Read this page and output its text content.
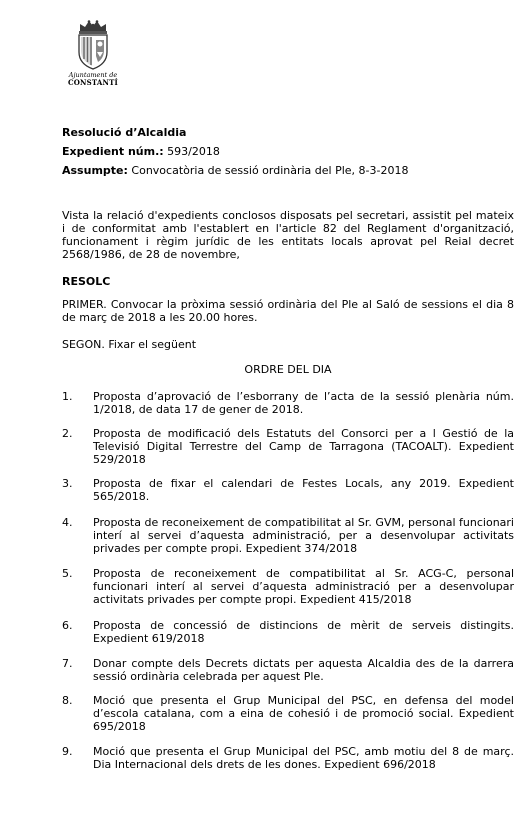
Ajuntament de
CONSTANTÍ
Resolució d’Alcaldia
Expedient núm.: 593/2018
Assumpte: Convocatòria de sessió ordinària del Ple, 8-3-2018
Vista la relació d'expedients conclosos disposats pel secretari, assistit pel mateix i de conformitat amb l'establert en l'article 82 del Reglament d'organització, funcionament i règim jurídic de les entitats locals aprovat pel Reial decret 2568/1986, de 28 de novembre,
RESOLC
PRIMER. Convocar la pròxima sessió ordinària del Ple al Saló de sessions el dia 8 de març de 2018 a les 20.00 hores.
SEGON. Fixar el següent
ORDRE DEL DIA
1.	Proposta d’aprovació de l’esborrany de l’acta de la sessió plenària núm. 1/2018, de data 17 de gener de 2018.
2.	Proposta de modificació dels Estatuts del Consorci per a l Gestió de la Televisió Digital Terrestre del Camp de Tarragona (TACOALT). Expedient 529/2018
3.	Proposta de fixar el calendari de Festes Locals, any 2019. Expedient 565/2018.
4.	Proposta de reconeixement de compatibilitat al Sr. GVM, personal funcionari interí al servei d’aquesta administració, per a desenvolupar activitats privades per compte propi. Expedient 374/2018
5.	Proposta de reconeixement de compatibilitat al Sr. ACG-C, personal funcionari interí al servei d’aquesta administració per a desenvolupar activitats privades per compte propi. Expedient 415/2018
6.	Proposta de concessió de distincions de mèrit de serveis distingits. Expedient 619/2018
7.	Donar compte dels Decrets dictats per aquesta Alcaldia des de la darrera sessió ordinària celebrada per aquest Ple.
8.	Moció que presenta el Grup Municipal del PSC, en defensa del model d’escola catalana, com a eina de cohesió i de promoció social. Expedient 695/2018
9.	Moció que presenta el Grup Municipal del PSC, amb motiu del 8 de març. Dia Internacional dels drets de les dones. Expedient 696/2018
